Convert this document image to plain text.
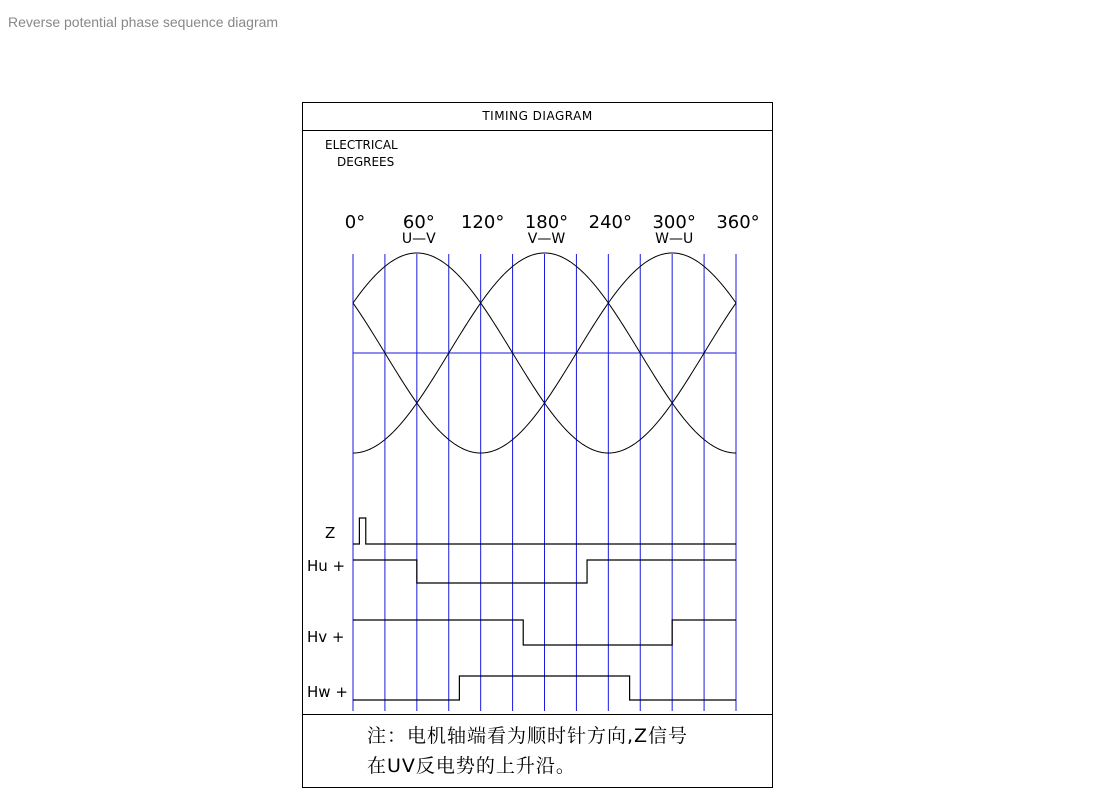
Reverse potential phase sequence diagram
TIMING DIAGRAM
ELECTRICAL
DEGREES
0° 60° 120° 180° 240° 300° 360°
U—V	V—W	W—U
Z
Hu +
Hv +
Hw +
注：电机轴端看为顺时针方向,Z信号
在UV反电势的上升沿。
